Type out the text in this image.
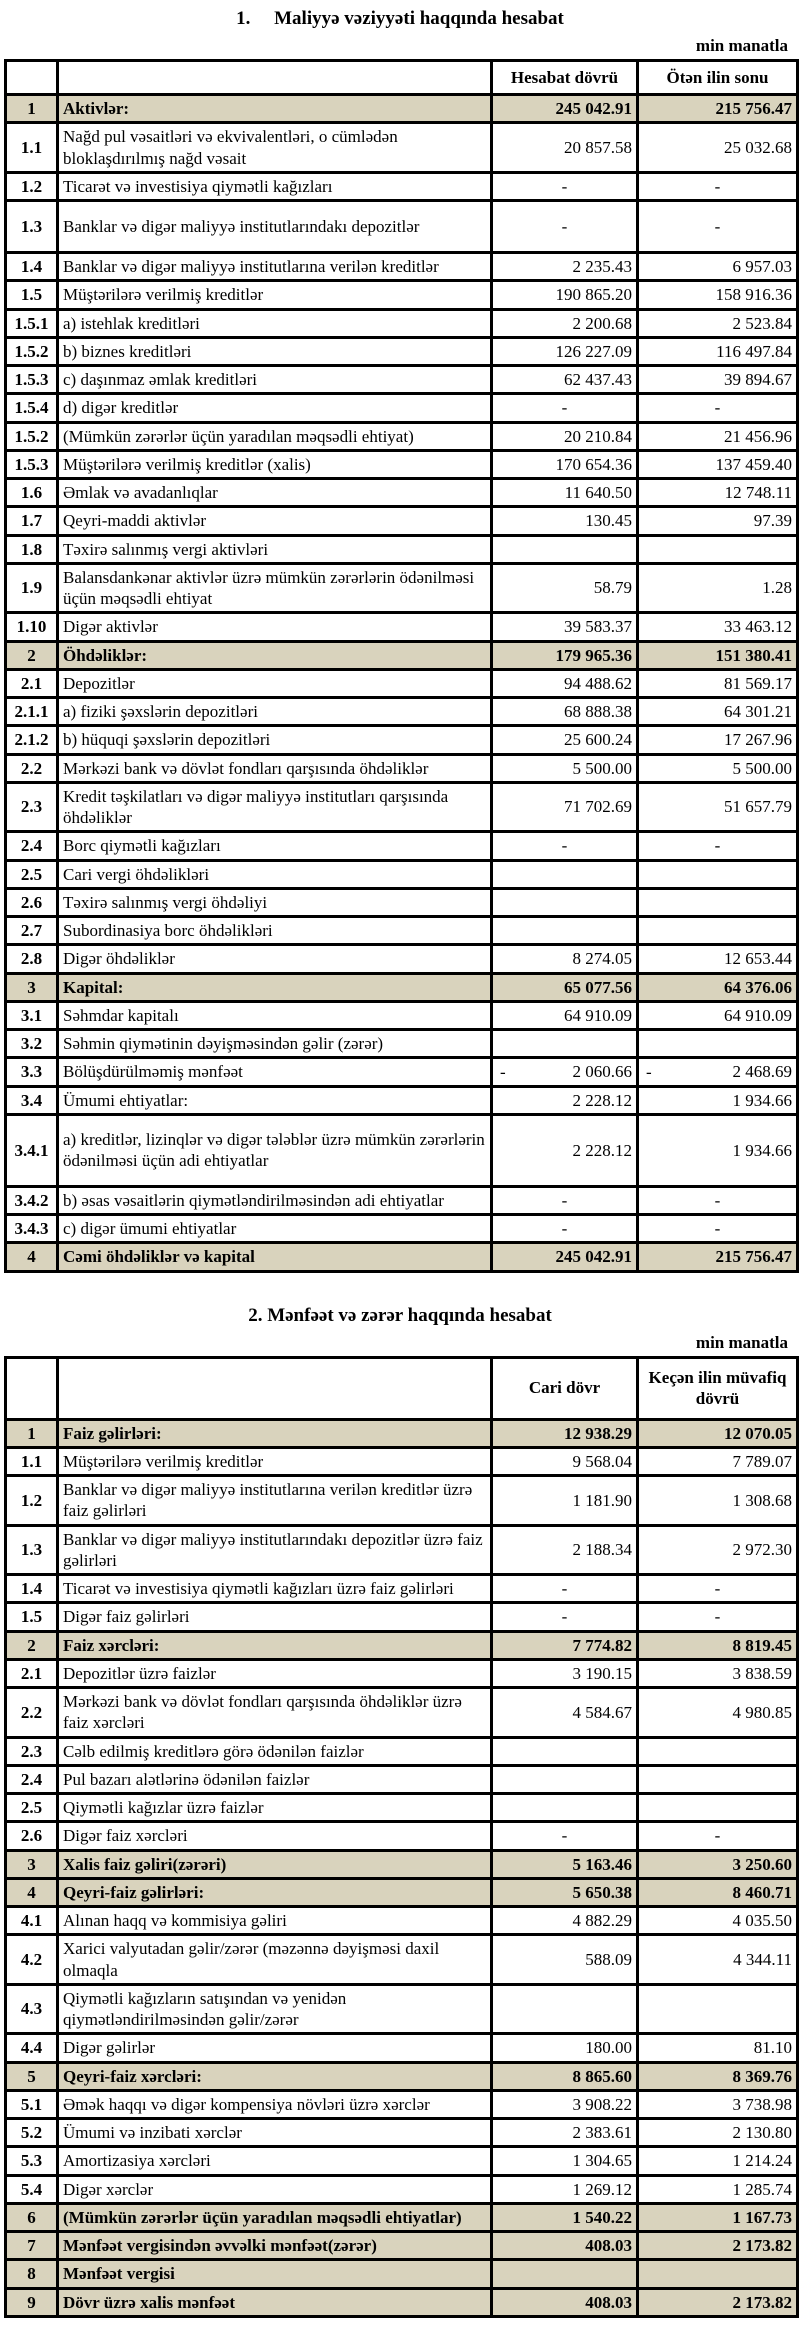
1.     Maliyyə vəziyyəti haqqında hesabat
min manatla
		Hesabat dövrü	Ötən ilin sonu
1	Aktivlər:	245 042.91	215 756.47
1.1	Nağd pul vəsaitləri və ekvivalentləri, o cümlədən bloklaşdırılmış nağd vəsait	20 857.58	25 032.68
1.2	Ticarət və investisiya qiymətli kağızları	-	-
1.3	Banklar və digər maliyyə institutlarındakı depozitlər	-	-
1.4	Banklar və digər maliyyə institutlarına verilən kreditlər	2 235.43	6 957.03
1.5	Müştərilərə verilmiş kreditlər	190 865.20	158 916.36
1.5.1	a) istehlak kreditləri	2 200.68	2 523.84
1.5.2	b) biznes kreditləri	126 227.09	116 497.84
1.5.3	c) daşınmaz əmlak kreditləri	62 437.43	39 894.67
1.5.4	d) digər kreditlər	-	-
1.5.2	(Mümkün zərərlər üçün yaradılan məqsədli ehtiyat)	20 210.84	21 456.96
1.5.3	Müştərilərə verilmiş kreditlər (xalis)	170 654.36	137 459.40
1.6	Əmlak və avadanlıqlar	11 640.50	12 748.11
1.7	Qeyri-maddi aktivlər	130.45	97.39
1.8	Təxirə salınmış vergi aktivləri		
1.9	Balansdankənar aktivlər üzrə mümkün zərərlərin ödənilməsi üçün məqsədli ehtiyat	58.79	1.28
1.10	Digər aktivlər	39 583.37	33 463.12
2	Öhdəliklər:	179 965.36	151 380.41
2.1	Depozitlər	94 488.62	81 569.17
2.1.1	a) fiziki şəxslərin depozitləri	68 888.38	64 301.21
2.1.2	b) hüquqi şəxslərin depozitləri	25 600.24	17 267.96
2.2	Mərkəzi bank və dövlət fondları qarşısında öhdəliklər	5 500.00	5 500.00
2.3	Kredit təşkilatları və digər maliyyə institutları qarşısında öhdəliklər	71 702.69	51 657.79
2.4	Borc qiymətli kağızları	-	-
2.5	Cari vergi öhdəlikləri		
2.6	Təxirə salınmış vergi öhdəliyi		
2.7	Subordinasiya borc öhdəlikləri		
2.8	Digər öhdəliklər	8 274.05	12 653.44
3	Kapital:	65 077.56	64 376.06
3.1	Səhmdar kapitalı	64 910.09	64 910.09
3.2	Səhmin qiymətinin dəyişməsindən gəlir (zərər)		
3.3	Bölüşdürülməmiş mənfəət	- 2 060.66	- 2 468.69
3.4	Ümumi ehtiyatlar:	2 228.12	1 934.66
3.4.1	a) kreditlər, lizinqlər və digər tələblər üzrə mümkün zərərlərin ödənilməsi üçün adi ehtiyatlar	2 228.12	1 934.66
3.4.2	b) əsas vəsaitlərin qiymətləndirilməsindən adi ehtiyatlar	-	-
3.4.3	c) digər ümumi ehtiyatlar	-	-
4	Cəmi öhdəliklər və kapital	245 042.91	215 756.47
2. Mənfəət və zərər haqqında hesabat
min manatla
		Cari dövr	Keçən ilin müvafiq dövrü
1	Faiz gəlirləri:	12 938.29	12 070.05
1.1	Müştərilərə verilmiş kreditlər	9 568.04	7 789.07
1.2	Banklar və digər maliyyə institutlarına verilən kreditlər üzrə faiz gəlirləri	1 181.90	1 308.68
1.3	Banklar və digər maliyyə institutlarındakı depozitlər üzrə faiz gəlirləri	2 188.34	2 972.30
1.4	Ticarət və investisiya qiymətli kağızları üzrə faiz gəlirləri	-	-
1.5	Digər faiz gəlirləri	-	-
2	Faiz xərcləri:	7 774.82	8 819.45
2.1	Depozitlər üzrə faizlər	3 190.15	3 838.59
2.2	Mərkəzi bank və dövlət fondları qarşısında öhdəliklər üzrə faiz xərcləri	4 584.67	4 980.85
2.3	Cəlb edilmiş kreditlərə görə ödənilən faizlər		
2.4	Pul bazarı alətlərinə ödənilən faizlər		
2.5	Qiymətli kağızlar üzrə faizlər		
2.6	Digər faiz xərcləri	-	-
3	Xalis faiz gəliri(zərəri)	5 163.46	3 250.60
4	Qeyri-faiz gəlirləri:	5 650.38	8 460.71
4.1	Alınan haqq və kommisiya gəliri	4 882.29	4 035.50
4.2	Xarici valyutadan gəlir/zərər (məzənnə dəyişməsi daxil olmaqla	588.09	4 344.11
4.3	Qiymətli kağızların satışından və yenidən qiymətləndirilməsindən gəlir/zərər		
4.4	Digər gəlirlər	180.00	81.10
5	Qeyri-faiz xərcləri:	8 865.60	8 369.76
5.1	Əmək haqqı və digər kompensiya növləri üzrə xərclər	3 908.22	3 738.98
5.2	Ümumi və inzibati xərclər	2 383.61	2 130.80
5.3	Amortizasiya xərcləri	1 304.65	1 214.24
5.4	Digər xərclər	1 269.12	1 285.74
6	(Mümkün zərərlər üçün yaradılan məqsədli ehtiyatlar)	1 540.22	1 167.73
7	Mənfəət vergisindən əvvəlki mənfəət(zərər)	408.03	2 173.82
8	Mənfəət vergisi		
9	Dövr üzrə xalis mənfəət	408.03	2 173.82
